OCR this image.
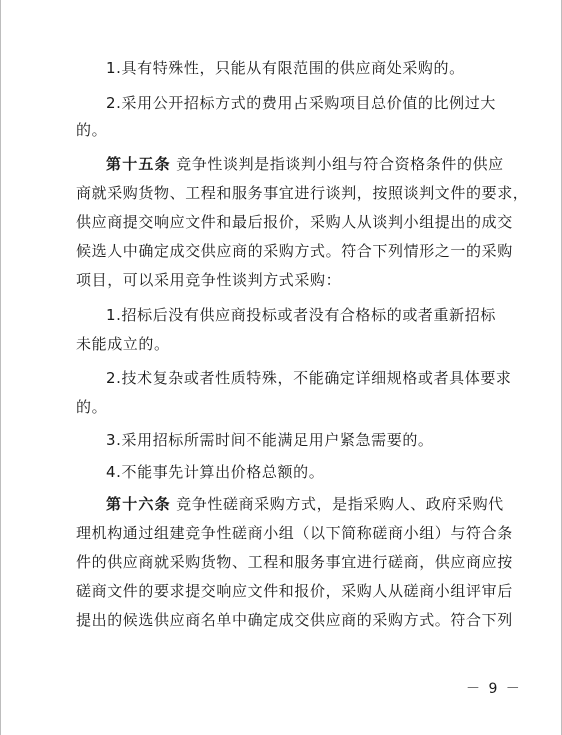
1.具有特殊性，只能从有限范围的供应商处采购的。
2.采用公开招标方式的费用占采购项目总价值的比例过大
的。
第十五条 竞争性谈判是指谈判小组与符合资格条件的供应
商就采购货物、工程和服务事宜进行谈判，按照谈判文件的要求，
供应商提交响应文件和最后报价，采购人从谈判小组提出的成交
候选人中确定成交供应商的采购方式。符合下列情形之一的采购
项目，可以采用竞争性谈判方式采购：
1.招标后没有供应商投标或者没有合格标的或者重新招标
未能成立的。
2.技术复杂或者性质特殊，不能确定详细规格或者具体要求
的。
3.采用招标所需时间不能满足用户紧急需要的。
4.不能事先计算出价格总额的。
第十六条 竞争性磋商采购方式，是指采购人、政府采购代
理机构通过组建竞争性磋商小组（以下简称磋商小组）与符合条
件的供应商就采购货物、工程和服务事宜进行磋商，供应商应按
磋商文件的要求提交响应文件和报价，采购人从磋商小组评审后
提出的候选供应商名单中确定成交供应商的采购方式。符合下列
－ 9 －
